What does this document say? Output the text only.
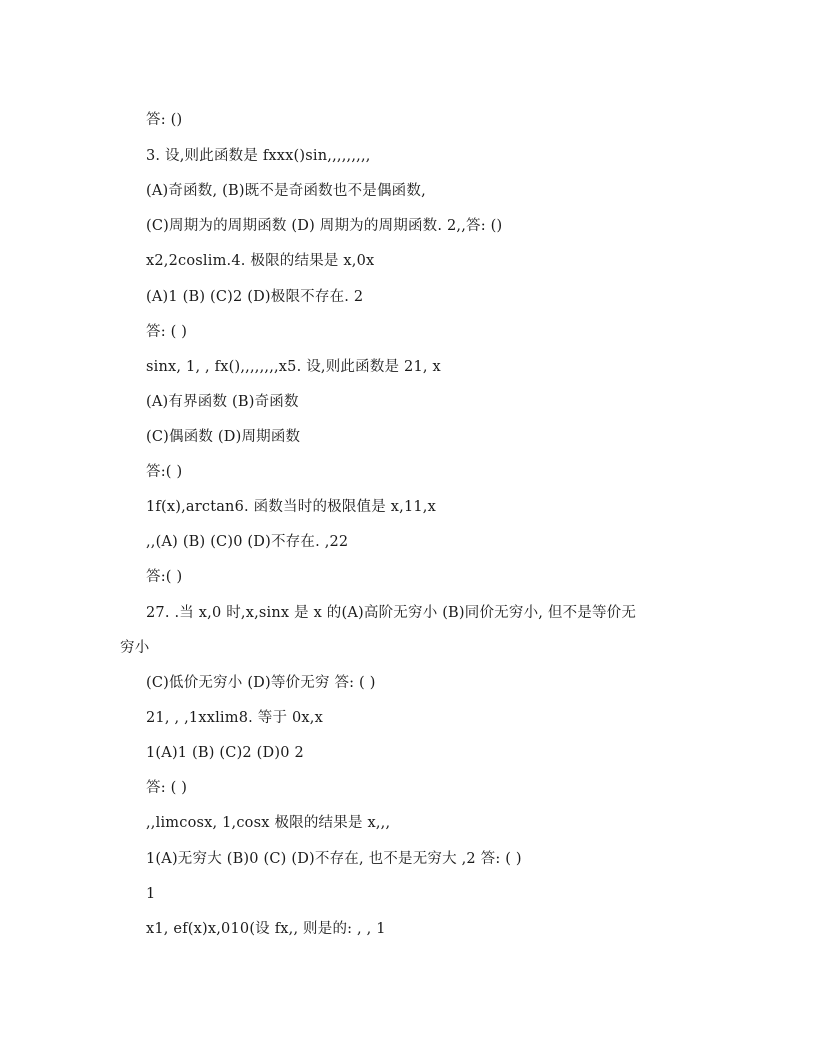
答: ()
3. 设,则此函数是 fxxx()sin,,,,,,,,,
(A)奇函数, (B)既不是奇函数也不是偶函数,
(C)周期为的周期函数 (D) 周期为的周期函数. 2,,答: ()
x2,2coslim.4. 极限的结果是 x,0x
(A)1 (B) (C)2 (D)极限不存在. 2
答: ( )
sinx, 1, , fx(),,,,,,,,x5. 设,则此函数是 21, x
(A)有界函数 (B)奇函数
(C)偶函数 (D)周期函数
答:( )
1f(x),arctan6. 函数当时的极限值是 x,11,x
,,(A) (B) (C)0 (D)不存在. ,22
答:( )
27. .当 x,0 时,x,sinx 是 x 的(A)高阶无穷小 (B)同价无穷小, 但不是等价无
穷小
(C)低价无穷小 (D)等价无穷 答: ( )
21, , ,1xxlim8. 等于 0x,x
1(A)1 (B) (C)2 (D)0 2
答: ( )
,,limcosx, 1,cosx 极限的结果是 x,,,
1(A)无穷大 (B)0 (C) (D)不存在, 也不是无穷大 ,2 答: ( )
1
x1, ef(x)x,010(设 fx,, 则是的: , , 1
